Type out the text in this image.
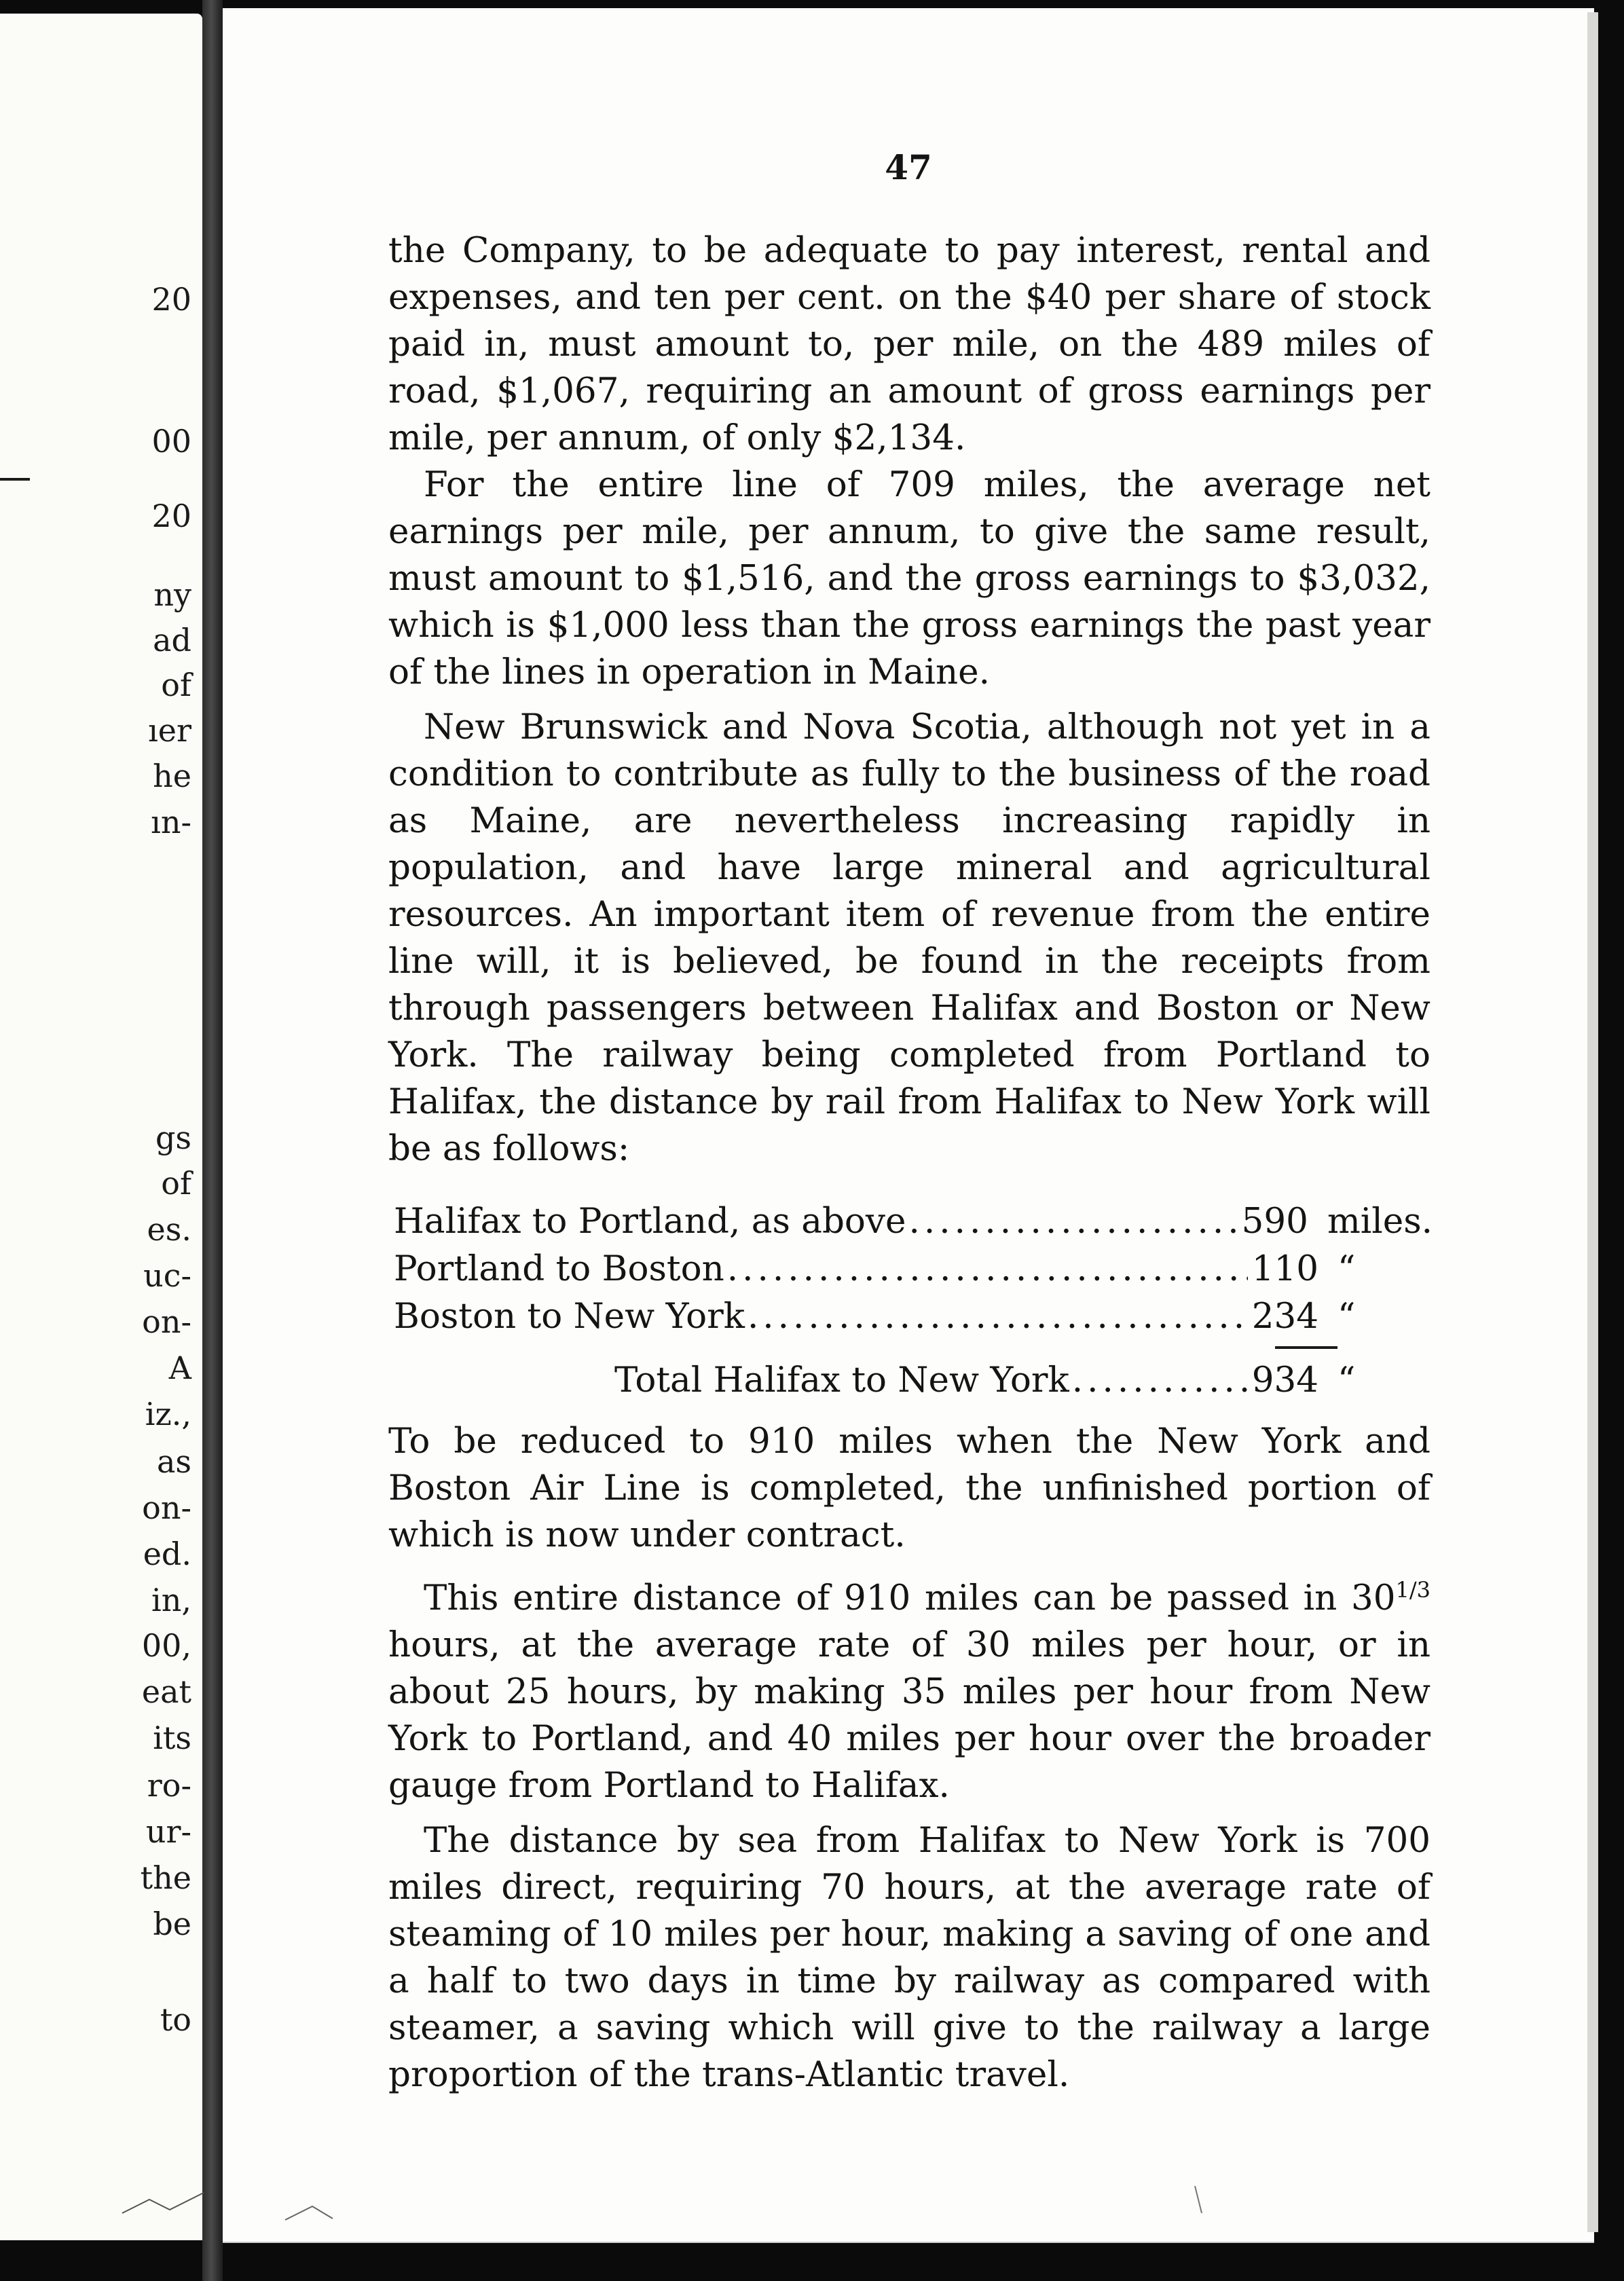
20
00
20
ny
ad
of
ıer
he
ın-
gs
of
es.
uc-
on-
A
iz.,
as
on-
ed.
in,
00,
eat
its
ro-
ur-
the
be
to
47

the Company, to be adequate to pay interest, rental and expenses, and ten per cent. on the $40 per share of stock paid in, must amount to, per mile, on the 489 miles of road, $1,067, requiring an amount of gross earnings per mile, per annum, of only $2,134.

For the entire line of 709 miles, the average net earnings per mile, per annum, to give the same result, must amount to $1,516, and the gross earnings to $3,032, which is $1,000 less than the gross earnings the past year of the lines in operation in Maine.

New Brunswick and Nova Scotia, although not yet in a condition to contribute as fully to the business of the road as Maine, are nevertheless increasing rapidly in population, and have large mineral and agricultural resources. An important item of revenue from the entire line will, it is believed, be found in the receipts from through passengers between Halifax and Boston or New York. The railway being completed from Portland to Halifax, the distance by rail from Halifax to New York will be as follows:

Halifax to Portland, as above .....	590 miles.
Portland to Boston .....	110 “
Boston to New York .....	234 “
Total Halifax to New York .....	934 “

To be reduced to 910 miles when the New York and Boston Air Line is completed, the unfinished portion of which is now under contract.

This entire distance of 910 miles can be passed in $30^{1/3}$ hours, at the average rate of 30 miles per hour, or in about 25 hours, by making 35 miles per hour from New York to Portland, and 40 miles per hour over the broader gauge from Portland to Halifax.

The distance by sea from Halifax to New York is 700 miles direct, requiring 70 hours, at the average rate of steaming of 10 miles per hour, making a saving of one and a half to two days in time by railway as compared with steamer, a saving which will give to the railway a large proportion of the trans-Atlantic travel.
